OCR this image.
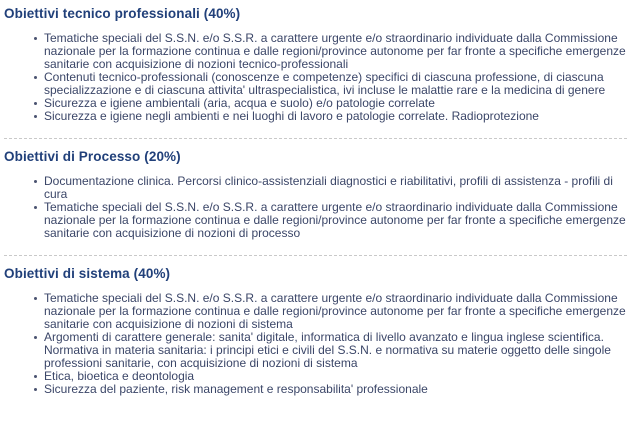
Obiettivi tecnico professionali (40%)
Tematiche speciali del S.S.N. e/o S.S.R. a carattere urgente e/o straordinario individuate dalla Commissione nazionale per la formazione continua e dalle regioni/province autonome per far fronte a specifiche emergenze sanitarie con acquisizione di nozioni tecnico-professionali
Contenuti tecnico-professionali (conoscenze e competenze) specifici di ciascuna professione, di ciascuna specializzazione e di ciascuna attivita' ultraspecialistica, ivi incluse le malattie rare e la medicina di genere
Sicurezza e igiene ambientali (aria, acqua e suolo) e/o patologie correlate
Sicurezza e igiene negli ambienti e nei luoghi di lavoro e patologie correlate. Radioprotezione
Obiettivi di Processo (20%)
Documentazione clinica. Percorsi clinico-assistenziali diagnostici e riabilitativi, profili di assistenza - profili di cura
Tematiche speciali del S.S.N. e/o S.S.R. a carattere urgente e/o straordinario individuate dalla Commissione nazionale per la formazione continua e dalle regioni/province autonome per far fronte a specifiche emergenze sanitarie con acquisizione di nozioni di processo
Obiettivi di sistema (40%)
Tematiche speciali del S.S.N. e/o S.S.R. a carattere urgente e/o straordinario individuate dalla Commissione nazionale per la formazione continua e dalle regioni/province autonome per far fronte a specifiche emergenze sanitarie con acquisizione di nozioni di sistema
Argomenti di carattere generale: sanita' digitale, informatica di livello avanzato e lingua inglese scientifica. Normativa in materia sanitaria: i principi etici e civili del S.S.N. e normativa su materie oggetto delle singole professioni sanitarie, con acquisizione di nozioni di sistema
Etica, bioetica e deontologia
Sicurezza del paziente, risk management e responsabilita' professionale
